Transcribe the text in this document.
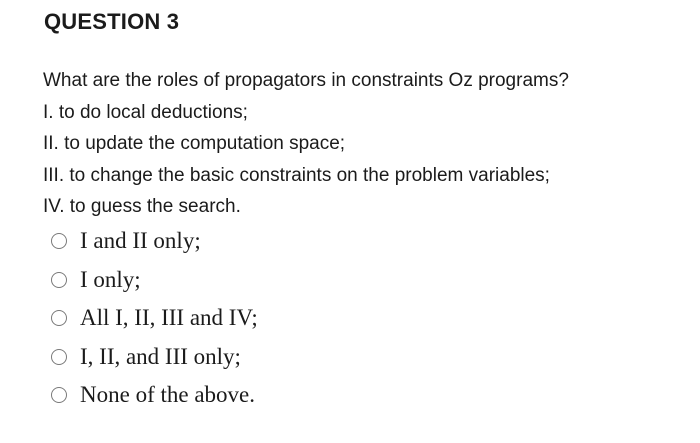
QUESTION 3
What are the roles of propagators in constraints Oz programs?
I. to do local deductions;
II. to update the computation space;
III. to change the basic constraints on the problem variables;
IV. to guess the search.
I and II only;
I only;
All I, II, III and IV;
I, II, and III only;
None of the above.
